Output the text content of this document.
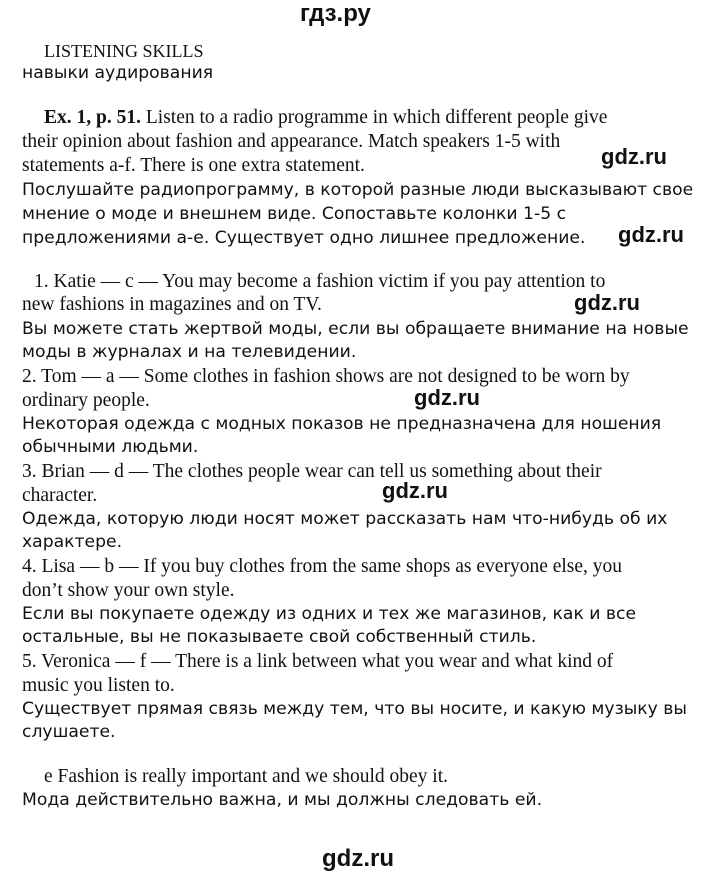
гдз.ру
LISTENING SKILLS
навыки аудирования
Ex. 1, p. 51. Listen to a radio programme in which different people give
their opinion about fashion and appearance. Match speakers 1-5 with
statements a-f. There is one extra statement.	gdz.ru
Послушайте радиопрограмму, в которой разные люди высказывают свое
мнение о моде и внешнем виде. Сопоставьте колонки 1-5 с
предложениями а-е. Существует одно лишнее предложение. gdz.ru
1. Katie — c — You may become a fashion victim if you pay attention to
new fashions in magazines and on TV.	gdz.ru
Вы можете стать жертвой моды, если вы обращаете внимание на новые
моды в журналах и на телевидении.
2. Tom — a — Some clothes in fashion shows are not designed to be worn by
ordinary people.	gdz.ru
Некоторая одежда с модных показов не предназначена для ношения
обычными людьми.
3. Brian — d — The clothes people wear can tell us something about their
character.	gdz.ru
Одежда, которую люди носят может рассказать нам что-нибудь об их
характере.
4. Lisa — b — If you buy clothes from the same shops as everyone else, you
don’t show your own style.
Если вы покупаете одежду из одних и тех же магазинов, как и все
остальные, вы не показываете свой собственный стиль.
5. Veronica — f — There is a link between what you wear and what kind of
music you listen to.
Существует прямая связь между тем, что вы носите, и какую музыку вы
слушаете.
e Fashion is really important and we should obey it.
Мода действительно важна, и мы должны следовать ей.
gdz.ru
